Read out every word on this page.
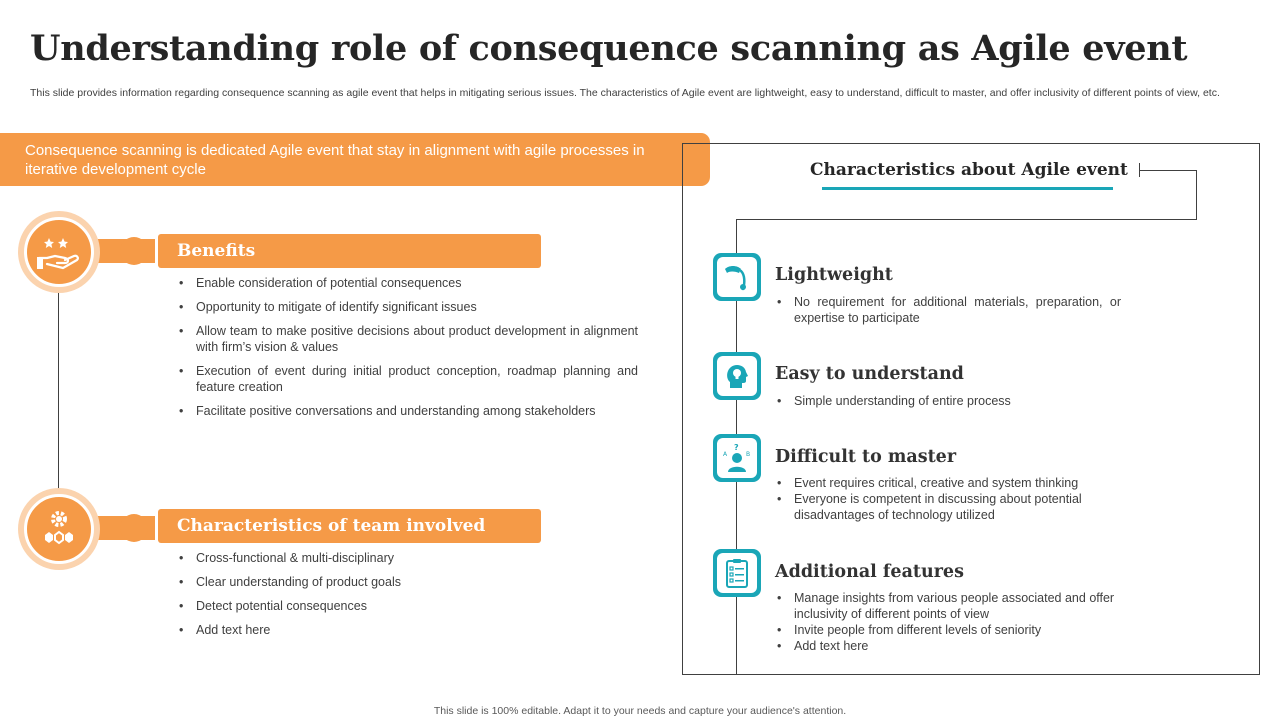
Understanding role of consequence scanning as Agile event
This slide provides information regarding consequence scanning as agile event that helps in mitigating serious issues. The characteristics of Agile event are lightweight, easy to understand, difficult to master, and offer inclusivity of different points of view, etc.
Consequence scanning is dedicated Agile event that stay in alignment with agile processes in iterative development cycle
Benefits
• Enable consideration of potential consequences
• Opportunity to mitigate of identify significant issues
• Allow team to make positive decisions about product development in alignment with firm’s vision & values
• Execution of event during initial product conception, roadmap planning and feature creation
• Facilitate positive conversations and understanding among stakeholders
Characteristics of team involved
• Cross-functional & multi-disciplinary
• Clear understanding of product goals
• Detect potential consequences
• Add text here
Characteristics about Agile event
Lightweight
• No requirement for additional materials, preparation, or expertise to participate
Easy to understand
• Simple understanding of entire process
?
A	B Difficult to master
• Event requires critical, creative and system thinking
• Everyone is competent in discussing about potential disadvantages of technology utilized
Additional features
• Manage insights from various people associated and offer inclusivity of different points of view
• Invite people from different levels of seniority
• Add text here
This slide is 100% editable. Adapt it to your needs and capture your audience's attention.
